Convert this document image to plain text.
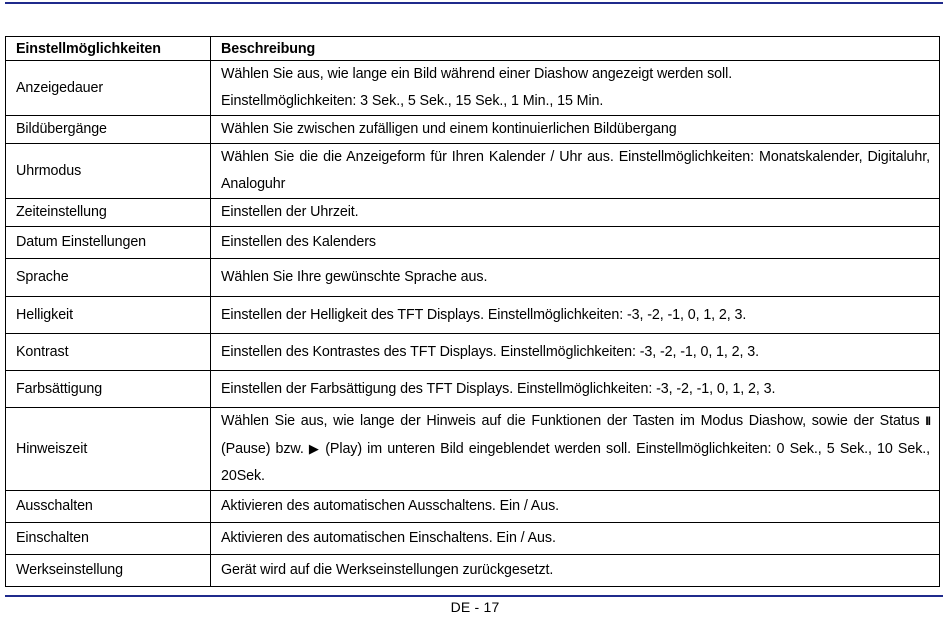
Einstellmöglichkeiten	Beschreibung
Anzeigedauer	Wählen Sie aus, wie lange ein Bild während einer Diashow angezeigt werden soll.
Einstellmöglichkeiten: 3 Sek., 5 Sek., 15 Sek., 1 Min., 15 Min.

Bildübergänge	Wählen Sie zwischen zufälligen und einem kontinuierlichen Bildübergang
Uhrmodus	Wählen Sie die die Anzeigeform für Ihren Kalender / Uhr aus. Einstellmöglichkeiten: Monatskalender, Digitaluhr, Analoguhr
Zeiteinstellung	Einstellen der Uhrzeit.
Datum Einstellungen	Einstellen des Kalenders
Sprache	Wählen Sie Ihre gewünschte Sprache aus.
Helligkeit	Einstellen der Helligkeit des TFT Displays. Einstellmöglichkeiten: -3, -2, -1, 0, 1, 2, 3.
Kontrast	Einstellen des Kontrastes des TFT Displays. Einstellmöglichkeiten: -3, -2, -1, 0, 1, 2, 3.
Farbsättigung	Einstellen der Farbsättigung des TFT Displays. Einstellmöglichkeiten: -3, -2, -1, 0, 1, 2, 3.
Hinweiszeit	Wählen Sie aus, wie lange der Hinweis auf die Funktionen der Tasten im Modus Diashow, sowie der Status II (Pause) bzw. ▶ (Play) im unteren Bild eingeblendet werden soll. Einstellmöglichkeiten: 0 Sek., 5 Sek., 10 Sek., 20Sek.
Ausschalten	Aktivieren des automatischen Ausschaltens. Ein / Aus.
Einschalten	Aktivieren des automatischen Einschaltens. Ein / Aus.
Werkseinstellung	Gerät wird auf die Werkseinstellungen zurückgesetzt.
DE - 17
